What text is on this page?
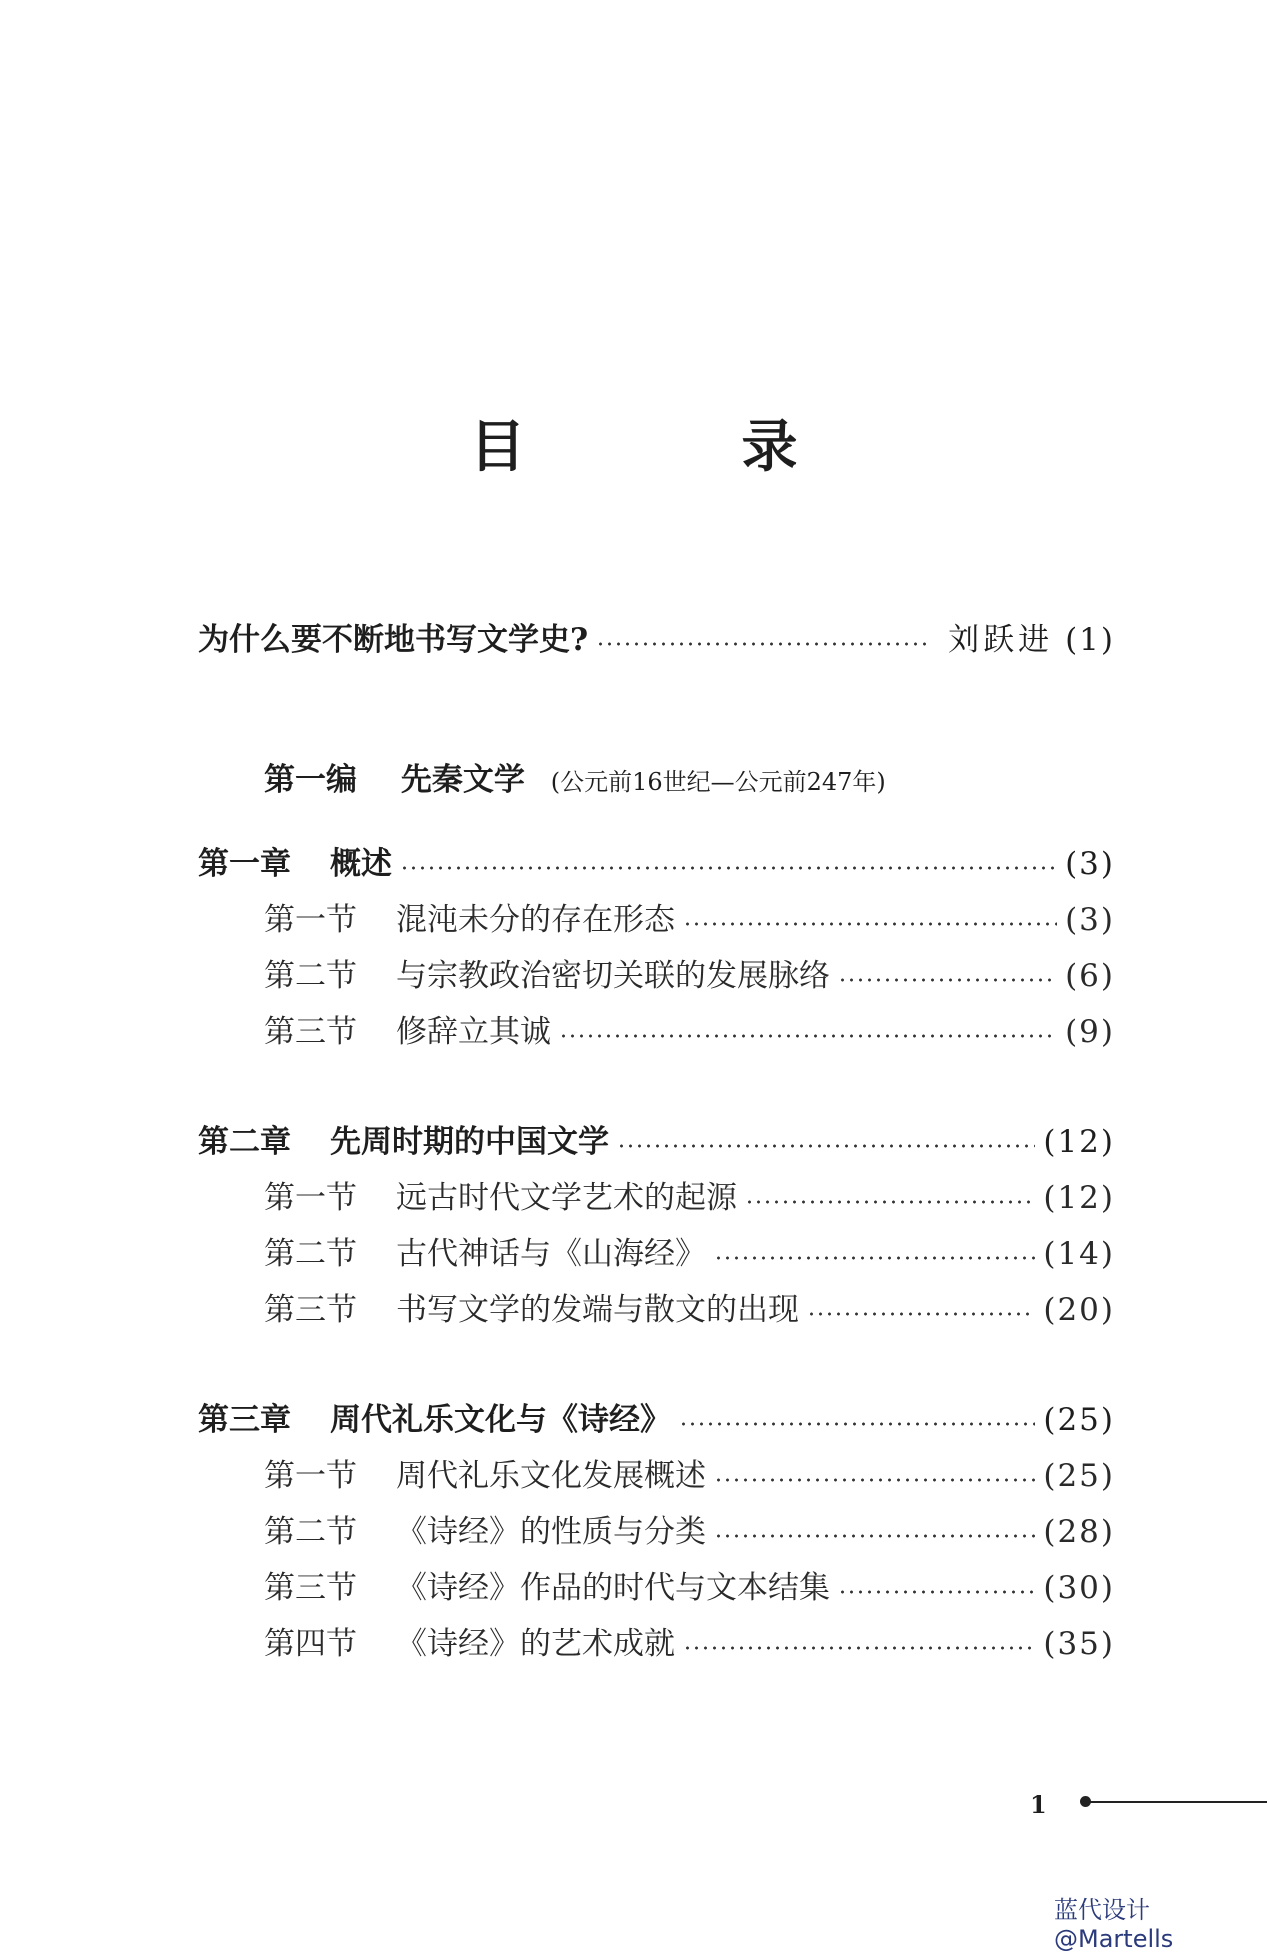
目　录
为什么要不断地书写文学史?	刘跃进 (1)
第一编 先秦文学 (公元前16世纪—公元前247年)
第一章	概述	(3)
第一节	混沌未分的存在形态	(3)
第二节	与宗教政治密切关联的发展脉络	(6)
第三节	修辞立其诚	(9)
第二章	先周时期的中国文学	(12)
第一节	远古时代文学艺术的起源	(12)
第二节	古代神话与《山海经》	(14)
第三节	书写文学的发端与散文的出现	(20)
第三章	周代礼乐文化与《诗经》	(25)
第一节	周代礼乐文化发展概述	(25)
第二节	《诗经》的性质与分类	(28)
第三节	《诗经》作品的时代与文本结集	(30)
第四节	《诗经》的艺术成就	(35)
1
蓝代设计@Martells
